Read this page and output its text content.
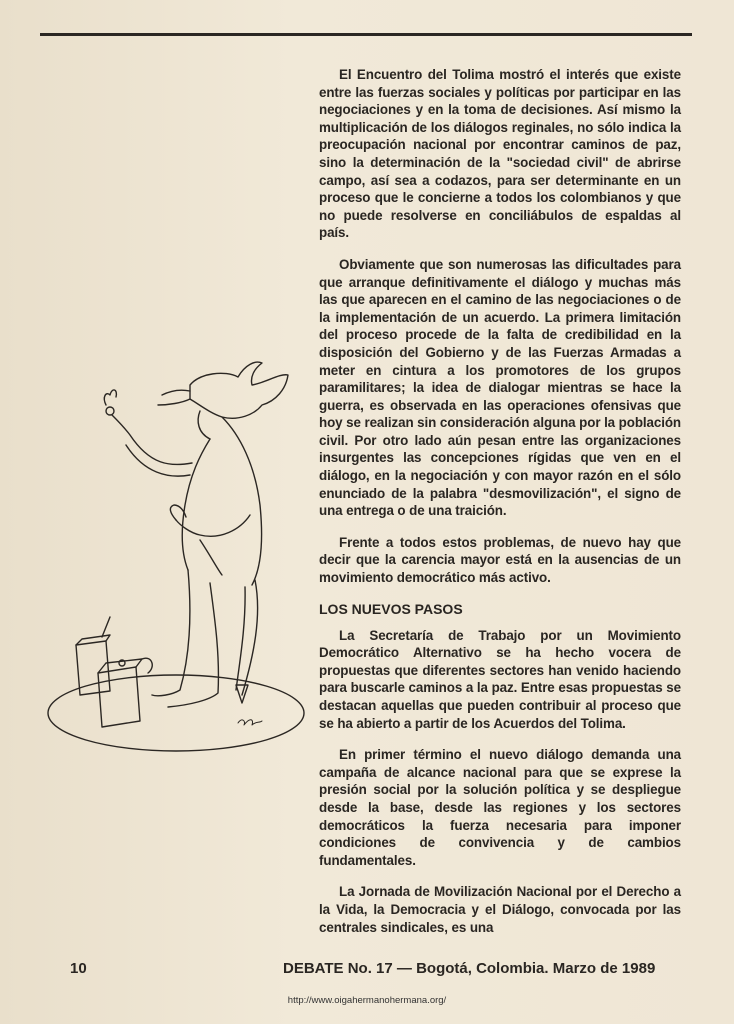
El Encuentro del Tolima mostró el interés que existe entre las fuerzas sociales y políticas por participar en las negociaciones y en la toma de decisiones. Así mismo la multiplicación de los diálogos reginales, no sólo indica la preocupación nacional por encontrar caminos de paz, sino la determinación de la "sociedad civil" de abrirse campo, así sea a codazos, para ser determinante en un proceso que le concierne a todos los colombianos y que no puede resolverse en conciliábulos de espaldas al país.

Obviamente que son numerosas las dificultades para que arranque definitivamente el diálogo y muchas más las que aparecen en el camino de las negociaciones o de la implementación de un acuerdo. La primera limitación del proceso procede de la falta de credibilidad en la disposición del Gobierno y de las Fuerzas Armadas a meter en cintura a los promotores de los grupos paramilitares; la idea de dialogar mientras se hace la guerra, es observada en las operaciones ofensivas que hoy se realizan sin consideración alguna por la población civil. Por otro lado aún pesan entre las organizaciones insurgentes las concepciones rígidas que ven en el diálogo, en la negociación y con mayor razón en el sólo enunciado de la palabra "desmovilización", el signo de una entrega o de una traición.

Frente a todos estos problemas, de nuevo hay que decir que la carencia mayor está en la ausencias de un movimiento democrático más activo.

LOS NUEVOS PASOS

La Secretaría de Trabajo por un Movimiento Democrático Alternativo se ha hecho vocera de propuestas que diferentes sectores han venido haciendo para buscarle caminos a la paz. Entre esas propuestas se destacan aquellas que pueden contribuir al proceso que se ha abierto a partir de los Acuerdos del Tolima.

En primer término el nuevo diálogo demanda una campaña de alcance nacional para que se exprese la presión social por la solución política y se despliegue desde la base, desde las regiones y los sectores democráticos la fuerza necesaria para imponer condiciones de convivencia y de cambios fundamentales.

La Jornada de Movilización Nacional por el Derecho a la Vida, la Democracia y el Diálogo, convocada por las centrales sindicales, es una

10	DEBATE No. 17 — Bogotá, Colombia. Marzo de 1989
http://www.oigahermanohermana.org/
